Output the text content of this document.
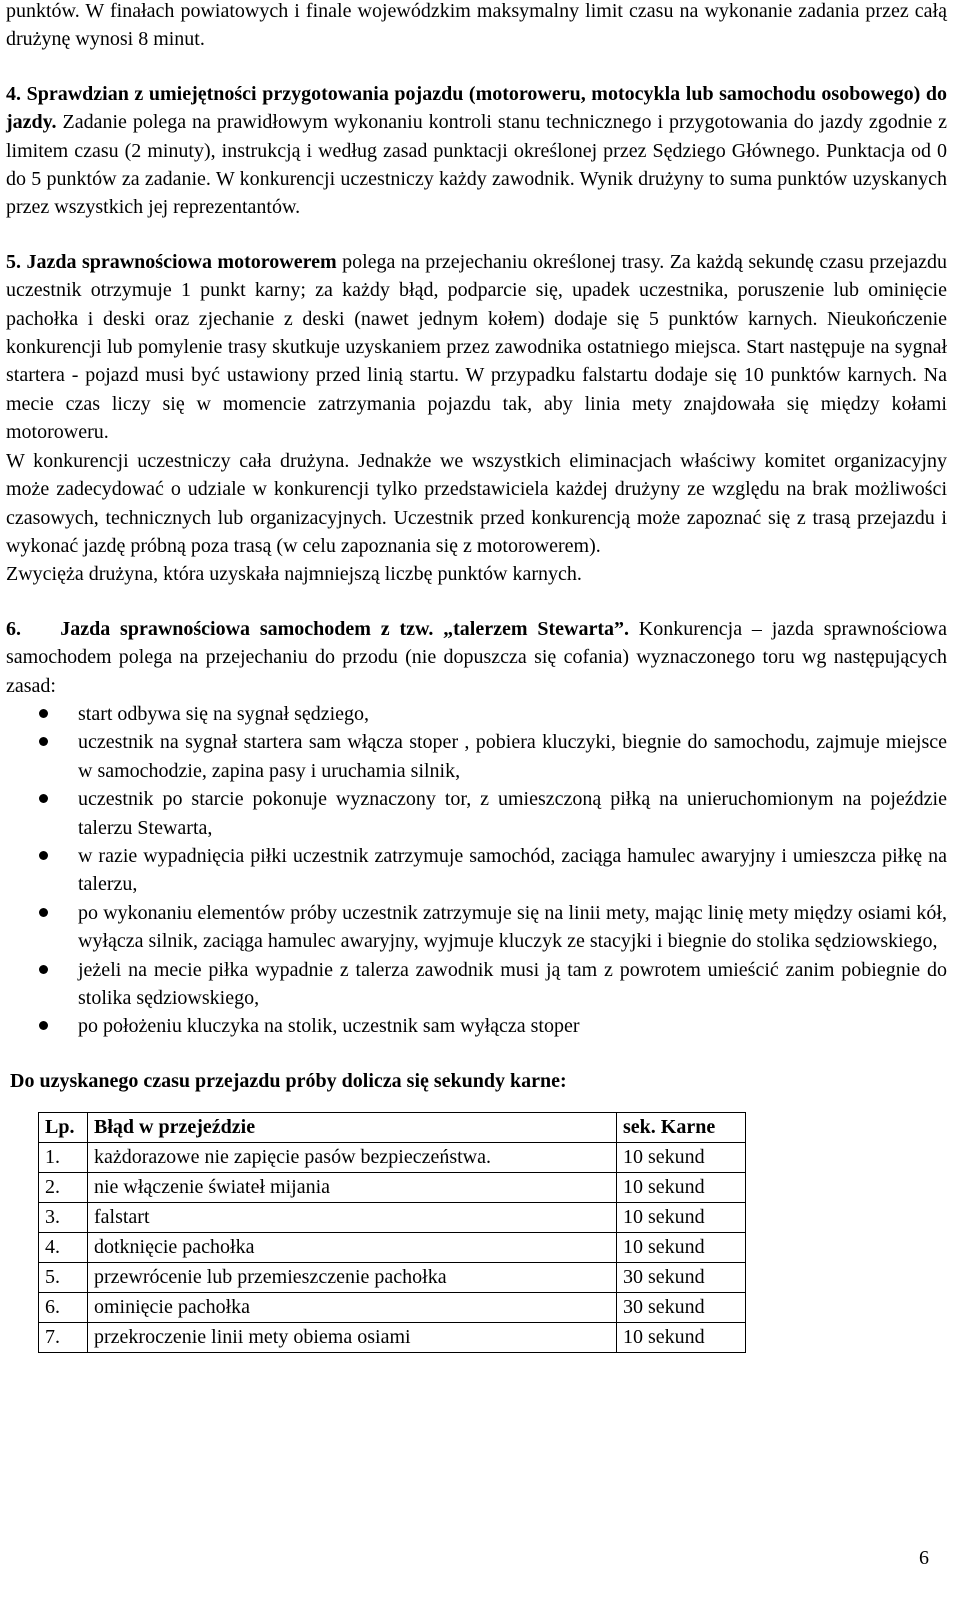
punktów. W finałach powiatowych i finale wojewódzkim maksymalny limit czasu na wykonanie zadania przez całą drużynę wynosi 8 minut.

4. Sprawdzian z umiejętności przygotowania pojazdu (motoroweru, motocykla lub samochodu osobowego) do jazdy. Zadanie polega na prawidłowym wykonaniu kontroli stanu technicznego i przygotowania do jazdy zgodnie z limitem czasu (2 minuty), instrukcją i według zasad punktacji określonej przez Sędziego Głównego. Punktacja od 0 do 5 punktów za zadanie. W konkurencji uczestniczy każdy zawodnik. Wynik drużyny to suma punktów uzyskanych przez wszystkich jej reprezentantów.

5. Jazda sprawnościowa motorowerem polega na przejechaniu określonej trasy. Za każdą sekundę czasu przejazdu uczestnik otrzymuje 1 punkt karny; za każdy błąd, podparcie się, upadek uczestnika, poruszenie lub ominięcie pachołka i deski oraz zjechanie z deski (nawet jednym kołem) dodaje się 5 punktów karnych. Nieukończenie konkurencji lub pomylenie trasy skutkuje uzyskaniem przez zawodnika ostatniego miejsca. Start następuje na sygnał startera - pojazd musi być ustawiony przed linią startu. W przypadku falstartu dodaje się 10 punktów karnych. Na mecie czas liczy się w momencie zatrzymania pojazdu tak, aby linia mety znajdowała się między kołami motoroweru.

W konkurencji uczestniczy cała drużyna. Jednakże we wszystkich eliminacjach właściwy komitet organizacyjny może zadecydować o udziale w konkurencji tylko przedstawiciela każdej drużyny ze względu na brak możliwości czasowych, technicznych lub organizacyjnych. Uczestnik przed konkurencją może zapoznać się z trasą przejazdu i wykonać jazdę próbną poza trasą (w celu zapoznania się z motorowerem).

Zwycięża drużyna, która uzyskała najmniejszą liczbę punktów karnych.

6. Jazda sprawnościowa samochodem z tzw. „talerzem Stewarta”. Konkurencja – jazda sprawnościowa samochodem polega na przejechaniu do przodu (nie dopuszcza się cofania) wyznaczonego toru wg następujących zasad:

start odbywa się na sygnał sędziego,
uczestnik na sygnał startera sam włącza stoper , pobiera kluczyki, biegnie do samochodu, zajmuje miejsce w samochodzie, zapina pasy i uruchamia silnik,
uczestnik po starcie pokonuje wyznaczony tor, z umieszczoną piłką na unieruchomionym na pojeździe talerzu Stewarta,
w razie wypadnięcia piłki uczestnik zatrzymuje samochód, zaciąga hamulec awaryjny i umieszcza piłkę na talerzu,
po wykonaniu elementów próby uczestnik zatrzymuje się na linii mety, mając linię mety między osiami kół, wyłącza silnik, zaciąga hamulec awaryjny, wyjmuje kluczyk ze stacyjki i biegnie do stolika sędziowskiego,
jeżeli na mecie piłka wypadnie z talerza zawodnik musi ją tam z powrotem umieścić zanim pobiegnie do stolika sędziowskiego,
po położeniu kluczyka na stolik, uczestnik sam wyłącza stoper

Do uzyskanego czasu przejazdu próby dolicza się sekundy karne:

Lp.	Błąd w przejeździe	sek. Karne
1.	każdorazowe nie zapięcie pasów bezpieczeństwa.	10 sekund
2.	nie włączenie świateł mijania	10 sekund
3.	falstart	10 sekund
4.	dotknięcie pachołka	10 sekund
5.	przewrócenie lub przemieszczenie pachołka	30 sekund
6.	ominięcie pachołka	30 sekund
7.	przekroczenie linii mety obiema osiami	10 sekund
6
